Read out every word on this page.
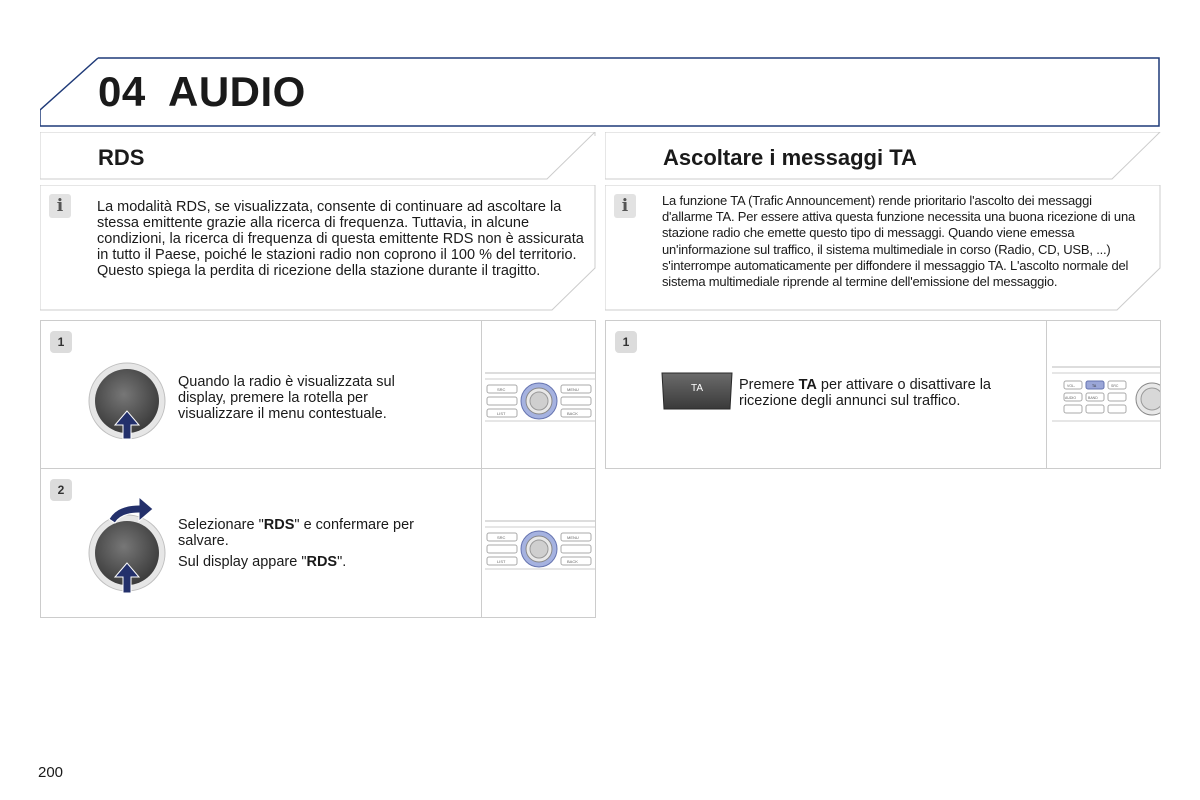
04 AUDIO
RDS
i	La modalità RDS, se visualizzata, consente di continuare ad ascoltare la stessa emittente grazie alla ricerca di frequenza. Tuttavia, in alcune condizioni, la ricerca di frequenza di questa emittente RDS non è assicurata in tutto il Paese, poiché le stazioni radio non coprono il 100 % del territorio. Questo spiega la perdita di ricezione della stazione durante il tragitto.
1
Quando la radio è visualizzata sul display, premere la rotella per visualizzare il menu contestuale.
SRC
LIST
MENU
BACK
2

Selezionare "RDS" e confermare per salvare.

Sul display appare "RDS".

SRC
LIST
MENU
BACK
Ascoltare i messaggi TA
i	La funzione TA (Trafic Announcement) rende prioritario l'ascolto dei messaggi d'allarme TA. Per essere attiva questa funzione necessita una buona ricezione di una stazione radio che emette questo tipo di messaggi. Quando viene emessa un'informazione sul traffico, il sistema multimediale in corso (Radio, CD, USB, ...) s'interrompe automaticamente per diffondere il messaggio TA. L'ascolto normale del sistema multimediale riprende al termine dell'emissione del messaggio.
1
TA	Premere TA per attivare o disattivare la ricezione degli annunci sul traffico.
VOL-	TA	SRC
AUDIO	BAND
200
